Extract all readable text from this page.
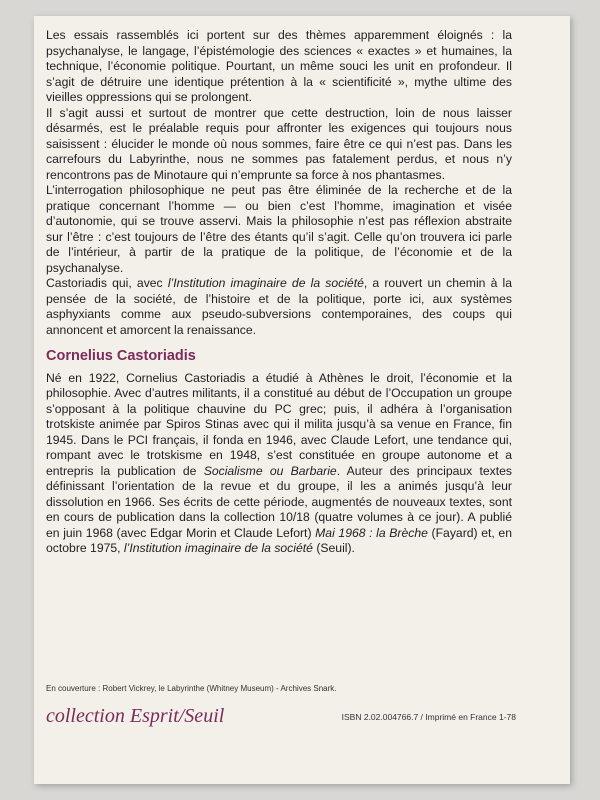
Les essais rassemblés ici portent sur des thèmes apparemment éloignés : la psychanalyse, le langage, l’épistémologie des sciences « exactes » et humaines, la technique, l’économie politique. Pourtant, un même souci les unit en profondeur. Il s’agit de détruire une identique prétention à la « scientificité », mythe ultime des vieilles oppressions qui se prolongent.

Il s’agit aussi et surtout de montrer que cette destruction, loin de nous laisser désarmés, est le préalable requis pour affronter les exigences qui toujours nous saisissent : élucider le monde où nous sommes, faire être ce qui n’est pas. Dans les carrefours du Labyrinthe, nous ne sommes pas fatalement perdus, et nous n’y rencontrons pas de Minotaure qui n’emprunte sa force à nos phantasmes.

L’interrogation philosophique ne peut pas être éliminée de la recherche et de la pratique concernant l’homme — ou bien c’est l’homme, imagination et visée d’autonomie, qui se trouve asservi. Mais la philosophie n’est pas réflexion abstraite sur l’être : c’est toujours de l’être des étants qu’il s’agit. Celle qu’on trouvera ici parle de l’intérieur, à partir de la pratique de la politique, de l’économie et de la psychanalyse.

Castoriadis qui, avec l’Institution imaginaire de la société, a rouvert un chemin à la pensée de la société, de l’histoire et de la politique, porte ici, aux systèmes asphyxiants comme aux pseudo-subversions contemporaines, des coups qui annoncent et amorcent la renaissance.

Cornelius Castoriadis

Né en 1922, Cornelius Castoriadis a étudié à Athènes le droit, l’économie et la philosophie. Avec d’autres militants, il a constitué au début de l’Occupation un groupe s’opposant à la politique chauvine du PC grec; puis, il adhéra à l’organisation trotskiste animée par Spiros Stinas avec qui il milita jusqu’à sa venue en France, fin 1945. Dans le PCI français, il fonda en 1946, avec Claude Lefort, une tendance qui, rompant avec le trotskisme en 1948, s’est constituée en groupe autonome et a entrepris la publication de Socialisme ou Barbarie. Auteur des principaux textes définissant l’orientation de la revue et du groupe, il les a animés jusqu’à leur dissolution en 1966. Ses écrits de cette période, augmentés de nouveaux textes, sont en cours de publication dans la collection 10/18 (quatre volumes à ce jour). A publié en juin 1968 (avec Edgar Morin et Claude Lefort) Mai 1968 : la Brèche (Fayard) et, en octobre 1975, l’Institution imaginaire de la société (Seuil).

En couverture : Robert Vickrey, le Labyrinthe (Whitney Museum) - Archives Snark.
collection Esprit/Seuil	ISBN 2.02.004766.7 / Imprimé en France 1-78
